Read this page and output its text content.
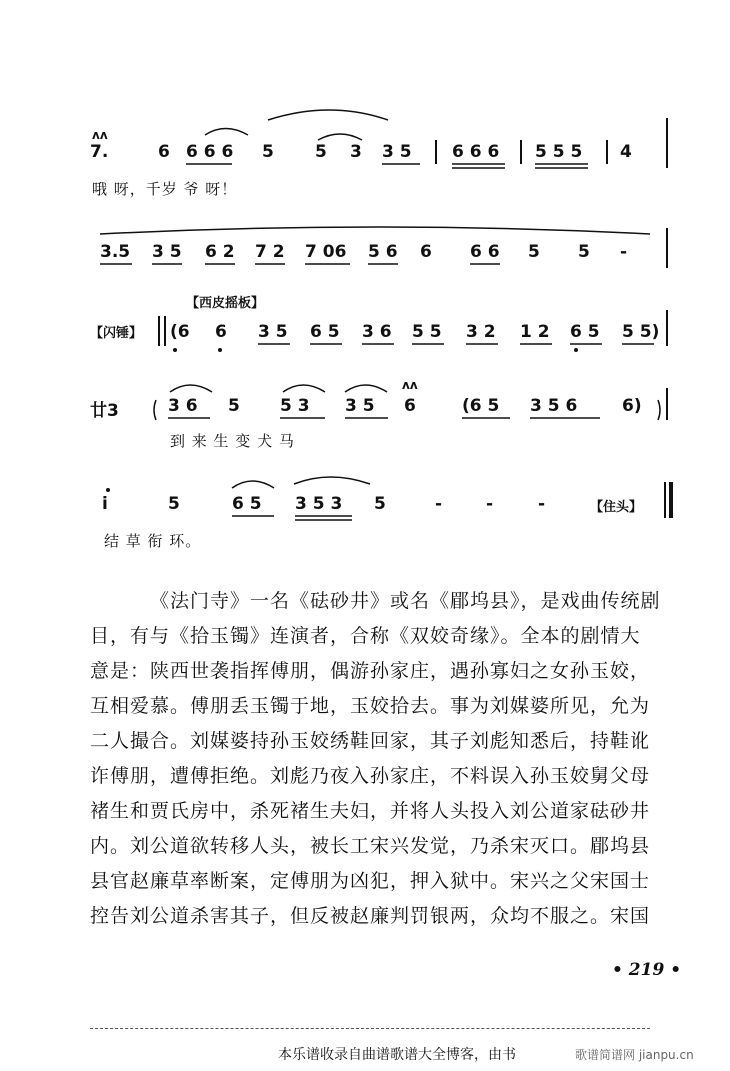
ʌʌ
7.	6 6 6 6 5 5 3 3 5 6 6 6 5 5 5 4
哦 呀，千岁 爷 呀！
3.5 3 5 6 2 7 2 7 06 5 6 6 6 6 5 5 -
【西皮摇板】
【闪锤】 (6 6 3 5 6 5 3 6 5 5 3 2 1 2 6 5 5 5)
廿3	3 6 5 5 3 3 5 6	(6 5 3 5 6	6)
ʌʌ
到 来 生 变 犬 马
i	5	6 5 3 5 3 5	-	-	-	【住头】
结 草 衔 环。
《法门寺》一名《砝砂井》或名《郿坞县》，是戏曲传统剧
目，有与《拾玉镯》连演者，合称《双姣奇缘》。全本的剧情大
意是：陕西世袭指挥傅朋，偶游孙家庄，遇孙寡妇之女孙玉姣，
互相爱慕。傅朋丢玉镯于地，玉姣拾去。事为刘媒婆所见，允为
二人撮合。刘媒婆持孙玉姣绣鞋回家，其子刘彪知悉后，持鞋讹
诈傅朋，遭傅拒绝。刘彪乃夜入孙家庄，不料误入孙玉姣舅父母
褚生和贾氏房中，杀死褚生夫妇，并将人头投入刘公道家砝砂井
内。刘公道欲转移人头，被长工宋兴发觉，乃杀宋灭口。郿坞县
县官赵廉草率断案，定傅朋为凶犯，押入狱中。宋兴之父宋国士
控告刘公道杀害其子，但反被赵廉判罚银两，众均不服之。宋国
• 219 •
本乐谱收录自曲谱歌谱大全博客，由书	歌谱简谱网 jianpu.cn
